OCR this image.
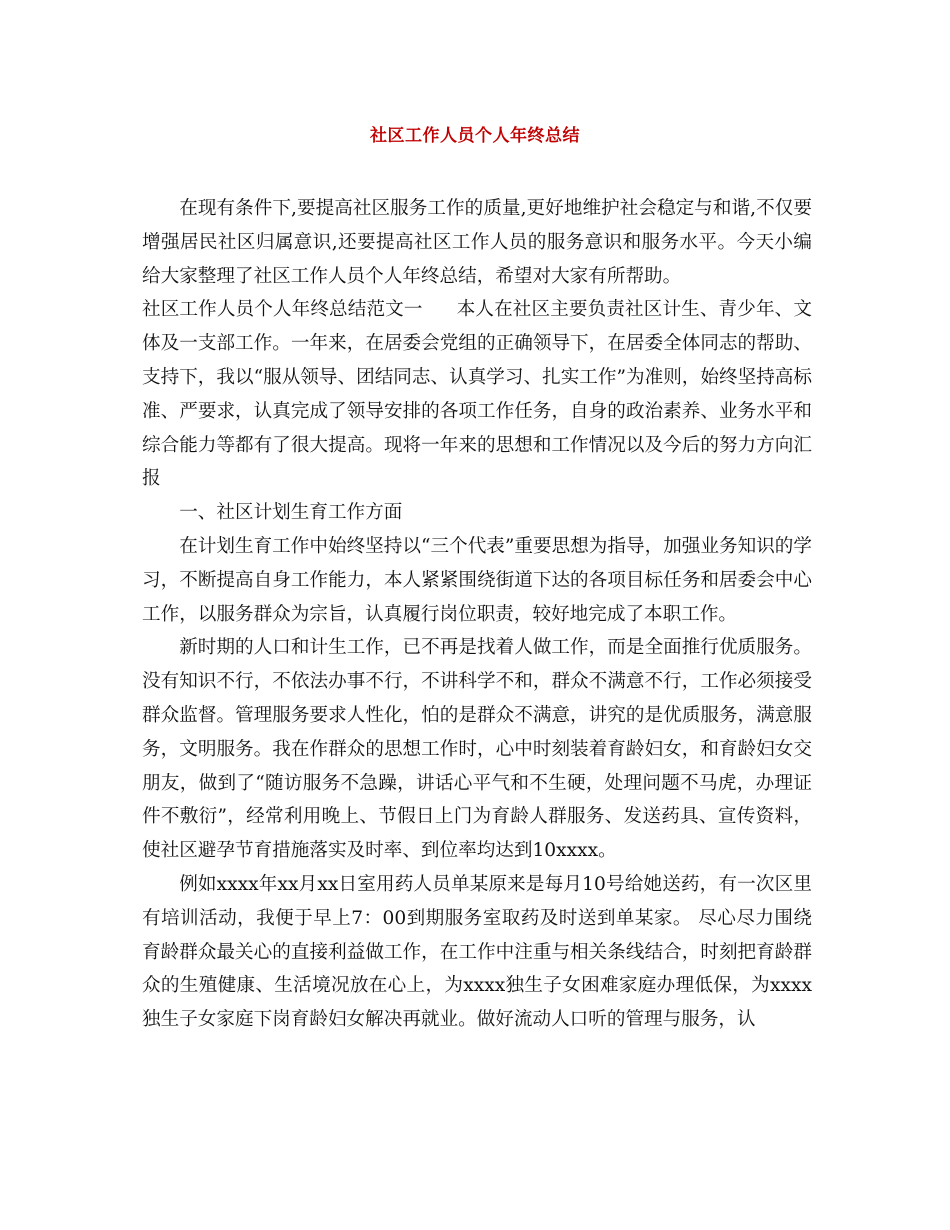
社区工作人员个人年终总结

在现有条件下,要提高社区服务工作的质量,更好地维护社会稳定与和谐,不仅要增强居民社区归属意识,还要提高社区工作人员的服务意识和服务水平。今天小编给大家整理了社区工作人员个人年终总结，希望对大家有所帮助。

社区工作人员个人年终总结范文一 本人在社区主要负责社区计生、青少年、文体及一支部工作。一年来，在居委会党组的正确领导下，在居委全体同志的帮助、支持下，我以“服从领导、团结同志、认真学习、扎实工作”为准则，始终坚持高标准、严要求，认真完成了领导安排的各项工作任务，自身的政治素养、业务水平和综合能力等都有了很大提高。现将一年来的思想和工作情况以及今后的努力方向汇报

一、社区计划生育工作方面

在计划生育工作中始终坚持以“三个代表”重要思想为指导，加强业务知识的学习，不断提高自身工作能力，本人紧紧围绕街道下达的各项目标任务和居委会中心工作，以服务群众为宗旨，认真履行岗位职责，较好地完成了本职工作。

新时期的人口和计生工作，已不再是找着人做工作，而是全面推行优质服务。没有知识不行，不依法办事不行，不讲科学不和，群众不满意不行，工作必须接受群众监督。管理服务要求人性化，怕的是群众不满意，讲究的是优质服务，满意服务，文明服务。我在作群众的思想工作时，心中时刻装着育龄妇女，和育龄妇女交朋友，做到了“随访服务不急躁，讲话心平气和不生硬，处理问题不马虎，办理证件不敷衍”，经常利用晚上、节假日上门为育龄人群服务、发送药具、宣传资料，使社区避孕节育措施落实及时率、到位率均达到10xxxx。

例如xxxx年xx月xx日室用药人员单某原来是每月10号给她送药，有一次区里有培训活动，我便于早上7：00到期服务室取药及时送到单某家。 尽心尽力围绕育龄群众最关心的直接利益做工作，在工作中注重与相关条线结合，时刻把育龄群众的生殖健康、生活境况放在心上，为xxxx独生子女困难家庭办理低保，为xxxx独生子女家庭下岗育龄妇女解决再就业。做好流动人口听的管理与服务，认
